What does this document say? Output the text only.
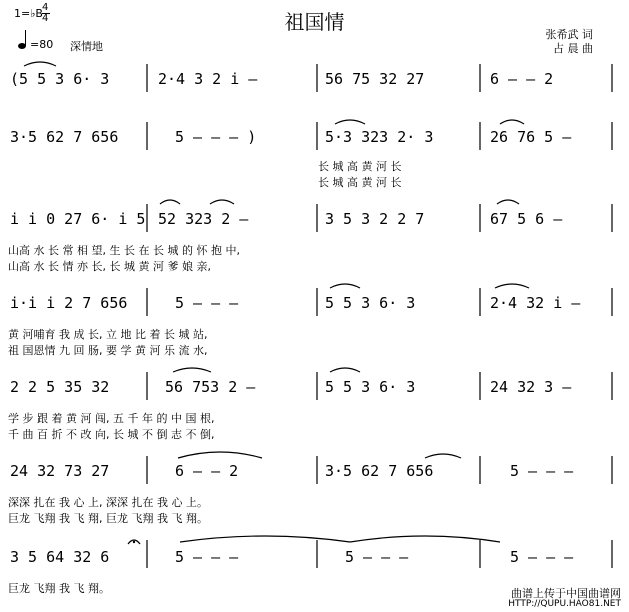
祖国情
1=♭B 4
4
=80 深情地
张希武 词
占 晨 曲
(5 5 3 6· 3	2·4 3 2 i –	56 75 32 27	6 – – 2
3·5 62 7 656	5 – – – )	5·3 323 2· 3	26 76 5 –
长 城 高 黄 河 长
长 城 高 黄 河 长
i i 0 27 6· i 5 52 323 2 –	3 5 3 2 2 7	67 5 6 –
山高 水 长 常 相 望, 生 长 在 长 城 的 怀 抱 中,
山高 水 长 情 亦 长, 长 城 黄 河 爹 娘 亲,
i·i i 2 7 656	5 – – –	5 5 3 6· 3	2·4 32 i –
黄 河哺育 我 成 长, 立 地 比 着 长 城 站,
祖 国恩情 九 回 肠, 要 学 黄 河 乐 流 水,
2 2 5 35 32	56 753 2 –	5 5 3 6· 3	24 32 3 –
学 步 跟 着 黄 河 闯, 五 千 年 的 中 国 根,
千 曲 百 折 不 改 向, 长 城 不 倒 志 不 倒,
24 32 73 27	6 – – 2	3·5 62 7 656	5 – – –
深深 扎在 我 心 上, 深深 扎在 我 心 上。
巨龙 飞翔 我 飞 翔, 巨龙 飞翔 我 飞 翔。
3 5 64 32 6	5 – – –	5 – – –	5 – – –
巨龙 飞翔 我 飞 翔。	曲谱上传于中国曲谱网
HTTP://QUPU.HAO81.NET
